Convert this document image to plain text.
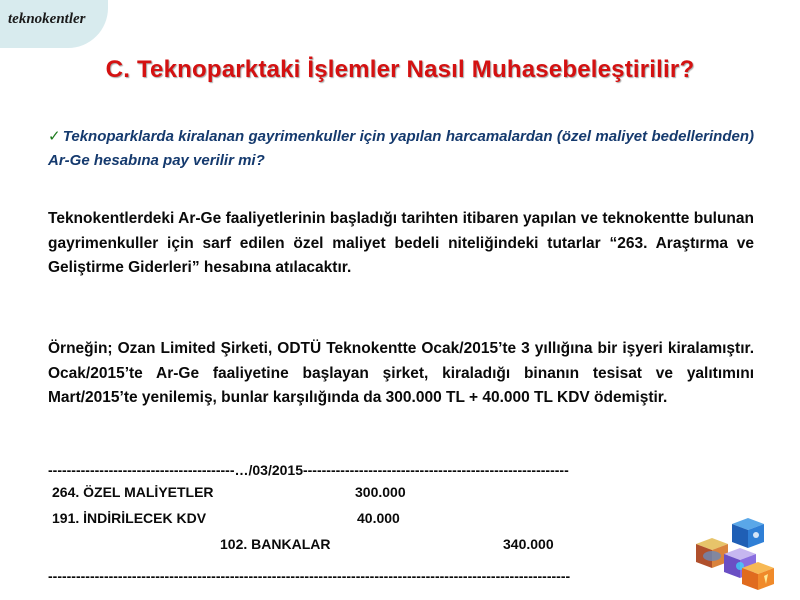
teknokentler
C. Teknoparktaki İşlemler Nasıl Muhasebeleştirilir?
✓ Teknoparklarda kiralanan gayrimenkuller için yapılan harcamalardan (özel maliyet bedellerinden) Ar-Ge hesabına pay verilir mi?
Teknokentlerdeki Ar-Ge faaliyetlerinin başladığı tarihten itibaren yapılan ve teknokentte bulunan gayrimenkuller için sarf edilen özel maliyet bedeli niteliğindeki tutarlar “263. Araştırma ve Geliştirme Giderleri” hesabına atılacaktır.
Örneğin; Ozan Limited Şirketi, ODTÜ Teknokentte Ocak/2015’te 3 yıllığına bir işyeri kiralamıştır. Ocak/2015’te Ar-Ge faaliyetine başlayan şirket, kiraladığı binanın tesisat ve yalıtımını Mart/2015’te yenilemiş, bunlar karşılığında da 300.000 TL + 40.000 TL KDV ödemiştir.
----------------------------------------…/03/2015---------------------------------------------------------
264. ÖZEL MALİYETLER	300.000
191. İNDİRİLECEK KDV	40.000
102. BANKALAR	340.000
----------------------------------------------------------------------------------------------------------------
